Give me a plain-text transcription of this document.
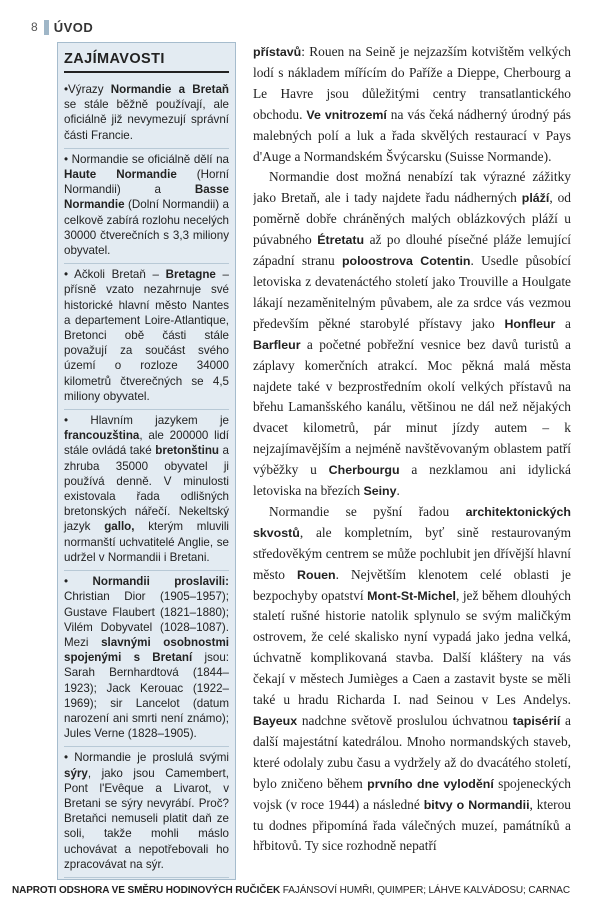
8	ÚVOD
ZAJÍMAVOSTI

•Výrazy Normandie a Bretaň se stále běžně používají, ale oficiálně již nevymezují správní části Francie.

• Normandie se oficiálně dělí na Haute Normandie (Horní Normandii) a Basse Normandie (Dolní Normandii) a celkově zabírá rozlohu necelých 30000 čtverečních s 3,3 miliony obyvatel.

• Ačkoli Bretaň – Bretagne – přísně vzato nezahrnuje své historické hlavní město Nantes a departement Loire-Atlantique, Bretonci obě části stále považují za součást svého území o rozloze 34000 kilometrů čtverečných se 4,5 miliony obyvatel.

• Hlavním jazykem je francouzština, ale 200000 lidí stále ovládá také bretonštinu a zhruba 35000 obyvatel ji používá denně. V minulosti existovala řada odlišných bretonských nářečí. Nekeltský jazyk gallo, kterým mluvili normanští uchvatitelé Anglie, se udržel v Normandii i Bretani.

• Normandii proslavili: Christian Dior (1905–1957); Gustave Flaubert (1821–1880); Vilém Dobyvatel (1028–1087). Mezi slavnými osobnostmi spojenými s Bretaní jsou: Sarah Bernhardtová (1844–1923); Jack Kerouac (1922–1969); sir Lancelot (datum narození ani smrti není známo); Jules Verne (1828–1905).

• Normandie je proslulá svými sýry, jako jsou Camembert, Pont l'Evêque a Livarot, v Bretani se sýry nevyrábí. Proč? Bretaňci nemuseli platit daň ze soli, takže mohli máslo uchovávat a nepotřebovali ho zpracovávat na sýr.

přístavů: Rouen na Seině je nejzazším kotvištěm velkých lodí s nákladem mířícím do Paříže a Dieppe, Cherbourg a Le Havre jsou důležitými centry transatlantického obchodu. Ve vnitrozemí na vás čeká nádherný úrodný pás malebných polí a luk a řada skvělých restaurací v Pays d'Auge a Normandském Švýcarsku (Suisse Normande).

Normandie dost možná nenabízí tak výrazné zážitky jako Bretaň, ale i tady najdete řadu nádherných pláží, od poměrně dobře chráněných malých oblázkových pláží u púvabného Étretatu až po dlouhé písečné pláže lemující západní stranu poloostrova Cotentin. Usedle působící letoviska z devatenáctého století jako Trouville a Houlgate lákají nezaměnitelným půvabem, ale za srdce vás vezmou především pěkné starobylé přístavy jako Honfleur a Barfleur a početné pobřežní vesnice bez davů turistů a záplavy komerčních atrakcí. Moc pěkná malá města najdete také v bezprostředním okolí velkých přístavů na břehu Lamanšského kanálu, většinou ne dál než nějakých dvacet kilometrů, pár minut jízdy autem – k nejzajímavějším a nejméně navštěvovaným oblastem patří výběžky u Cherbourgu a nezklamou ani idylická letoviska na březích Seiny.

Normandie se pyšní řadou architektonických skvostů, ale kompletním, byť sině restaurovaným středověkým centrem se může pochlubit jen dřívější hlavní město Rouen. Největším klenotem celé oblasti je bezpochyby opatství Mont-St-Michel, jež během dlouhých staletí rušné historie natolik splynulo se svým maličkým ostrovem, že celé skalisko nyní vypadá jako jedna velká, úchvatně komplikovaná stavba. Další kláštery na vás čekají v městech Jumièges a Caen a zastavit byste se měli také u hradu Richarda I. nad Seinou v Les Andelys. Bayeux nadchne světově proslulou úchvatnou tapisérií a další majestátní katedrálou. Mnoho normandských staveb, které odolaly zubu času a vydržely až do dvacátého století, bylo zničeno během prvního dne vylodění spojeneckých vojsk (v roce 1944) a následné bitvy o Normandii, kterou tu dodnes připomíná řada válečných muzeí, památníků a hřbitovů. Ty sice rozhodně nepatří

NAPROTI ODSHORA VE SMĚRU HODINOVÝCH RUČIČEK FAJÁNSOVÍ HUMŘI, QUIMPER; LÁHVE KALVÁDOSU; CARNAC
